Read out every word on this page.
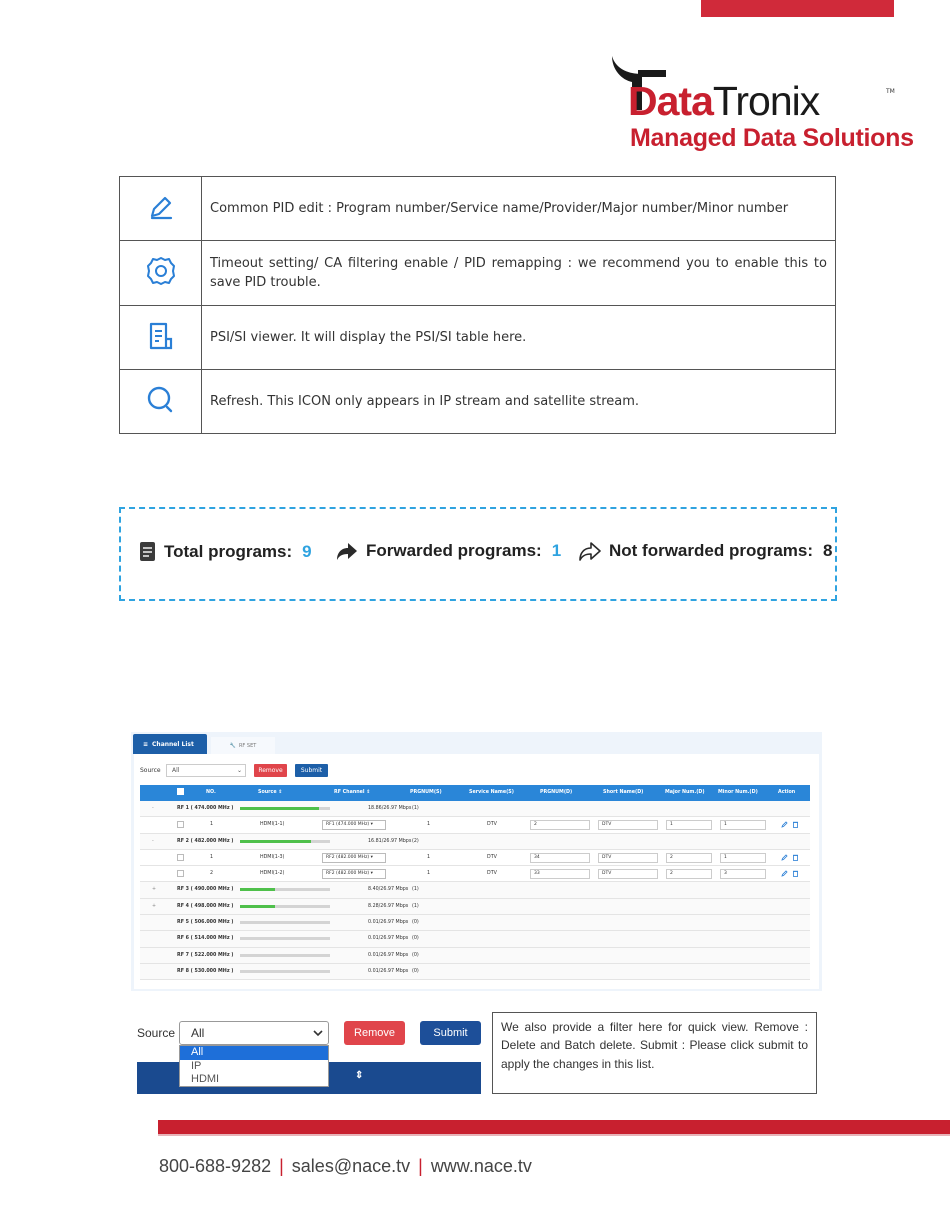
DataTronix	TM
Managed Data Solutions
	Common PID edit : Program number/Service name/Provider/Major number/Minor number
	Timeout setting/ CA filtering enable / PID remapping : we recommend you to enable this to save PID trouble.
	PSI/SI viewer. It will display the PSI/SI table here.
	Refresh. This ICON only appears in IP stream and satellite stream.
Total programs: 9	Forwarded programs: 1	Not forwarded programs: 8
≡ Channel List	🔧 RF SET
Source All	⌄	Remove	Submit
NO.	Source ⇕	RF Channel ⇕	PRGNUM(S)	Service Name(S)	PRGNUM(D)	Short Name(D)	Major Num.(D)	Minor Num.(D)	Action
-	RF 1 ( 474.000 MHz )	18.86/26.97 Mbps (1)
1	HDMI(1-1)	RF1 (474.000 MHz) ▾	1	DTV	2	DTV	1	1
-	RF 2 ( 482.000 MHz )	16.81/26.97 Mbps (2)
1	HDMI(1-3)	RF2 (482.000 MHz) ▾	1	DTV	34	DTV	2	1
2	HDMI(1-2)	RF2 (482.000 MHz) ▾	1	DTV	33	DTV	2	3
+	RF 3 ( 490.000 MHz )	8.40/26.97 Mbps (1)
+	RF 4 ( 498.000 MHz )	8.28/26.97 Mbps (1)
RF 5 ( 506.000 MHz )	0.01/26.97 Mbps (0)
RF 6 ( 514.000 MHz )	0.01/26.97 Mbps (0)
RF 7 ( 522.000 MHz )	0.01/26.97 Mbps (0)
RF 8 ( 530.000 MHz )	0.01/26.97 Mbps (0)
Source All
All
IP
HDMI
Remove	Submit
Source
⇕
We also provide a filter here for quick view. Remove : Delete and Batch delete. Submit : Please click submit to apply the changes in this list.
800-688-9282 | sales@nace.tv | www.nace.tv
